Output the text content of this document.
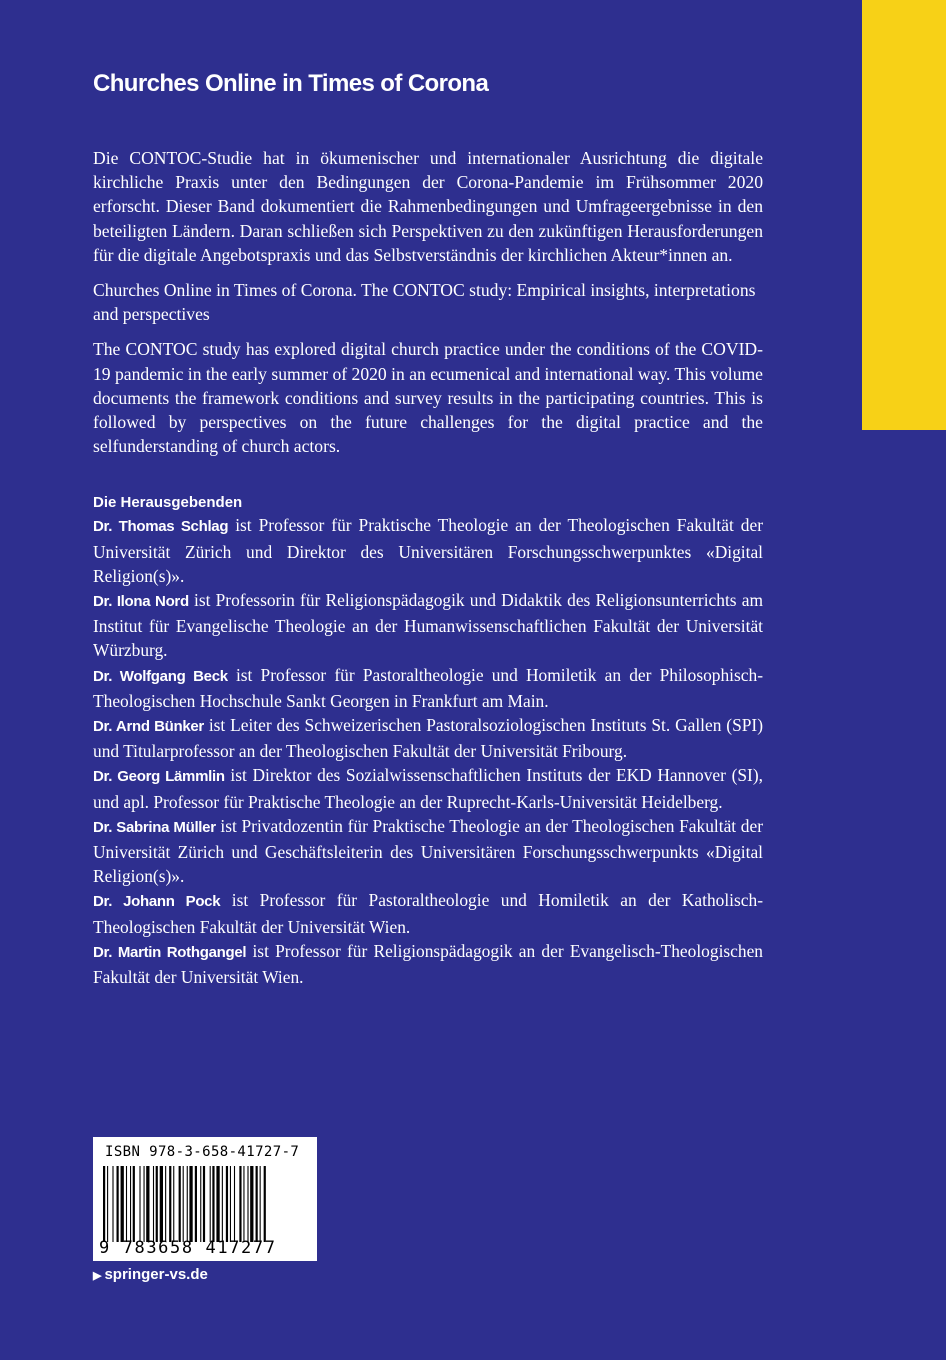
Churches Online in Times of Corona

Die CONTOC-Studie hat in ökumenischer und internationaler Ausrichtung die digitale kirchliche Praxis unter den Bedingungen der Corona-Pandemie im Frühsommer 2020 erforscht. Dieser Band dokumentiert die Rahmenbedingungen und Umfrageergebnisse in den beteiligten Ländern. Daran schließen sich Perspektiven zu den zukünftigen Herausforderungen für die digitale Angebotspraxis und das Selbstverständnis der kirchlichen Akteur*innen an.

Churches Online in Times of Corona. The CONTOC study: Empirical insights, interpretations and perspectives

The CONTOC study has explored digital church practice under the conditions of the COVID-19 pandemic in the early summer of 2020 in an ecumenical and international way. This volume documents the framework conditions and survey results in the participating countries. This is followed by perspectives on the future challenges for the digital practice and the selfunderstanding of church actors.

Die Herausgebenden

Dr. Thomas Schlag ist Professor für Praktische Theologie an der Theologischen Fakultät der Universität Zürich und Direktor des Universitären Forschungsschwerpunktes «Digital Religion(s)».

Dr. Ilona Nord ist Professorin für Religionspädagogik und Didaktik des Religionsunterrichts am Institut für Evangelische Theologie an der Humanwissenschaftlichen Fakultät der Universität Würzburg.

Dr. Wolfgang Beck ist Professor für Pastoraltheologie und Homiletik an der Philosophisch-Theologischen Hochschule Sankt Georgen in Frankfurt am Main.

Dr. Arnd Bünker ist Leiter des Schweizerischen Pastoralsoziologischen Instituts St. Gallen (SPI) und Titularprofessor an der Theologischen Fakultät der Universität Fribourg.

Dr. Georg Lämmlin ist Direktor des Sozialwissenschaftlichen Instituts der EKD Hannover (SI), und apl. Professor für Praktische Theologie an der Ruprecht-Karls-Universität Heidelberg.

Dr. Sabrina Müller ist Privatdozentin für Praktische Theologie an der Theologischen Fakultät der Universität Zürich und Geschäftsleiterin des Universitären Forschungsschwerpunkts «Digital Religion(s)».

Dr. Johann Pock ist Professor für Pastoraltheologie und Homiletik an der Katholisch-Theologischen Fakultät der Universität Wien.

Dr. Martin Rothgangel ist Professor für Religionspädagogik an der Evangelisch-Theologischen Fakultät der Universität Wien.

ISBN 978-3-658-41727-7
9 783658 417277
▶ springer-vs.de
